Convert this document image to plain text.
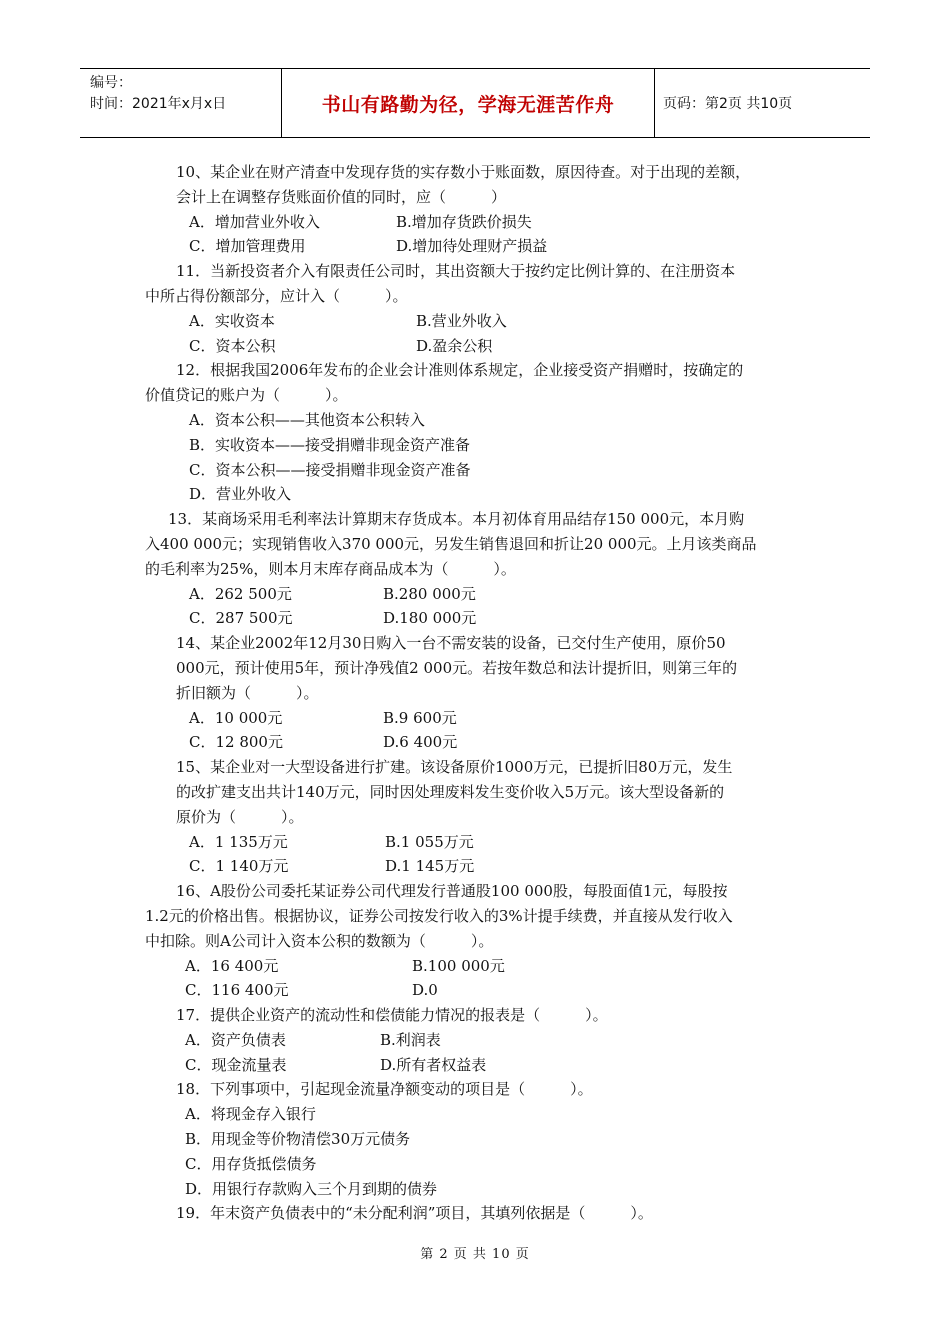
编号：
时间：2021年x月x日	书山有路勤为径，学海无涯苦作舟	页码：第2页 共10页
10、某企业在财产清查中发现存货的实存数小于账面数，原因待查。对于出现的差额，
会计上在调整存货账面价值的同时，应（　　　）
A．增加营业外收入	B.增加存货跌价损失
C．增加管理费用	D.增加待处理财产损益
11．当新投资者介入有限责任公司时，其出资额大于按约定比例计算的、在注册资本
中所占得份额部分，应计入（　　　）。
A．实收资本	B.营业外收入
C．资本公积	D.盈余公积
12．根据我国2006年发布的企业会计准则体系规定，企业接受资产捐赠时，按确定的
价值贷记的账户为（　　　）。
A．资本公积——其他资本公积转入
B．实收资本——接受捐赠非现金资产准备
C．资本公积——接受捐赠非现金资产准备
D．营业外收入
13．某商场采用毛利率法计算期末存货成本。本月初体育用品结存150 000元，本月购
入400 000元；实现销售收入370 000元，另发生销售退回和折让20 000元。上月该类商品
的毛利率为25%，则本月末库存商品成本为（　　　）。
A．262 500元	B.280 000元
C．287 500元	D.180 000元
14、某企业2002年12月30日购入一台不需安装的设备，已交付生产使用，原价50
000元，预计使用5年，预计净残值2 000元。若按年数总和法计提折旧，则第三年的
折旧额为（　　　）。
A．10 000元	B.9 600元
C．12 800元	D.6 400元
15、某企业对一大型设备进行扩建。该设备原价1000万元，已提折旧80万元，发生
的改扩建支出共计140万元，同时因处理废料发生变价收入5万元。该大型设备新的
原价为（　　　）。
A．1 135万元	B.1 055万元
C．1 140万元	D.1 145万元
16、A股份公司委托某证券公司代理发行普通股100 000股，每股面值1元，每股按
1.2元的价格出售。根据协议，证券公司按发行收入的3%计提手续费，并直接从发行收入
中扣除。则A公司计入资本公积的数额为（　　　）。
A．16 400元	B.100 000元
C．116 400元	D.0
17．提供企业资产的流动性和偿债能力情况的报表是（　　　）。
A．资产负债表	B.利润表
C．现金流量表	D.所有者权益表
18．下列事项中，引起现金流量净额变动的项目是（　　　）。
A．将现金存入银行
B．用现金等价物清偿30万元债务
C．用存货抵偿债务
D．用银行存款购入三个月到期的债券
19．年末资产负债表中的“未分配利润”项目，其填列依据是（　　　）。
第 2 页 共 10 页
